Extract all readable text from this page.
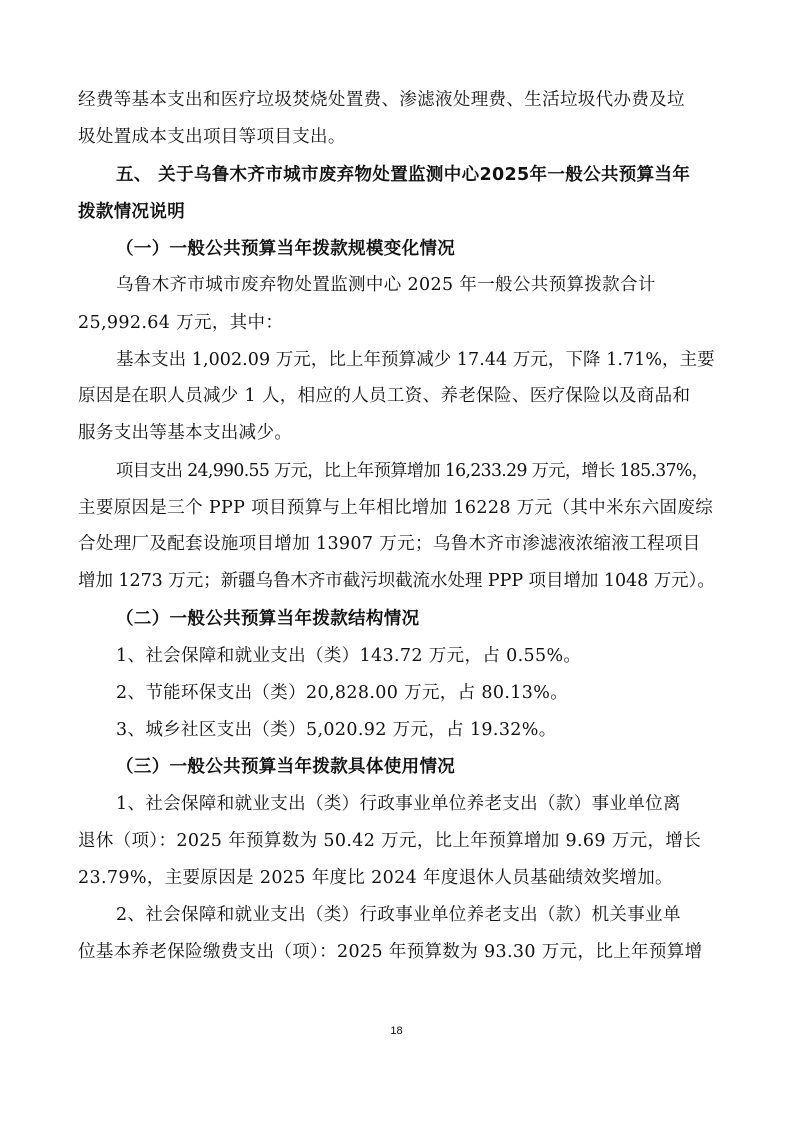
经费等基本支出和医疗垃圾焚烧处置费、渗滤液处理费、生活垃圾代办费及垃
圾处置成本支出项目等项目支出。
五、 关于乌鲁木齐市城市废弃物处置监测中心2025年一般公共预算当年
拨款情况说明
（一）一般公共预算当年拨款规模变化情况
乌鲁木齐市城市废弃物处置监测中心 2025 年一般公共预算拨款合计
25,992.64 万元，其中：
基本支出 1,002.09 万元，比上年预算减少 17.44 万元，下降 1.71%，主要
原因是在职人员减少 1 人，相应的人员工资、养老保险、医疗保险以及商品和
服务支出等基本支出减少。
项目支出 24,990.55 万元，比上年预算增加 16,233.29 万元，增长 185.37%，
主要原因是三个 PPP 项目预算与上年相比增加 16228 万元（其中米东六固废综
合处理厂及配套设施项目增加 13907 万元；乌鲁木齐市渗滤液浓缩液工程项目
增加 1273 万元；新疆乌鲁木齐市截污坝截流水处理 PPP 项目增加 1048 万元）。
（二）一般公共预算当年拨款结构情况
1、社会保障和就业支出（类）143.72 万元，占 0.55%。
2、节能环保支出（类）20,828.00 万元，占 80.13%。
3、城乡社区支出（类）5,020.92 万元，占 19.32%。
（三）一般公共预算当年拨款具体使用情况
1、社会保障和就业支出（类）行政事业单位养老支出（款）事业单位离
退休（项）：2025 年预算数为 50.42 万元，比上年预算增加 9.69 万元，增长
23.79%，主要原因是 2025 年度比 2024 年度退休人员基础绩效奖增加。
2、社会保障和就业支出（类）行政事业单位养老支出（款）机关事业单
位基本养老保险缴费支出（项）：2025 年预算数为 93.30 万元，比上年预算增
18
